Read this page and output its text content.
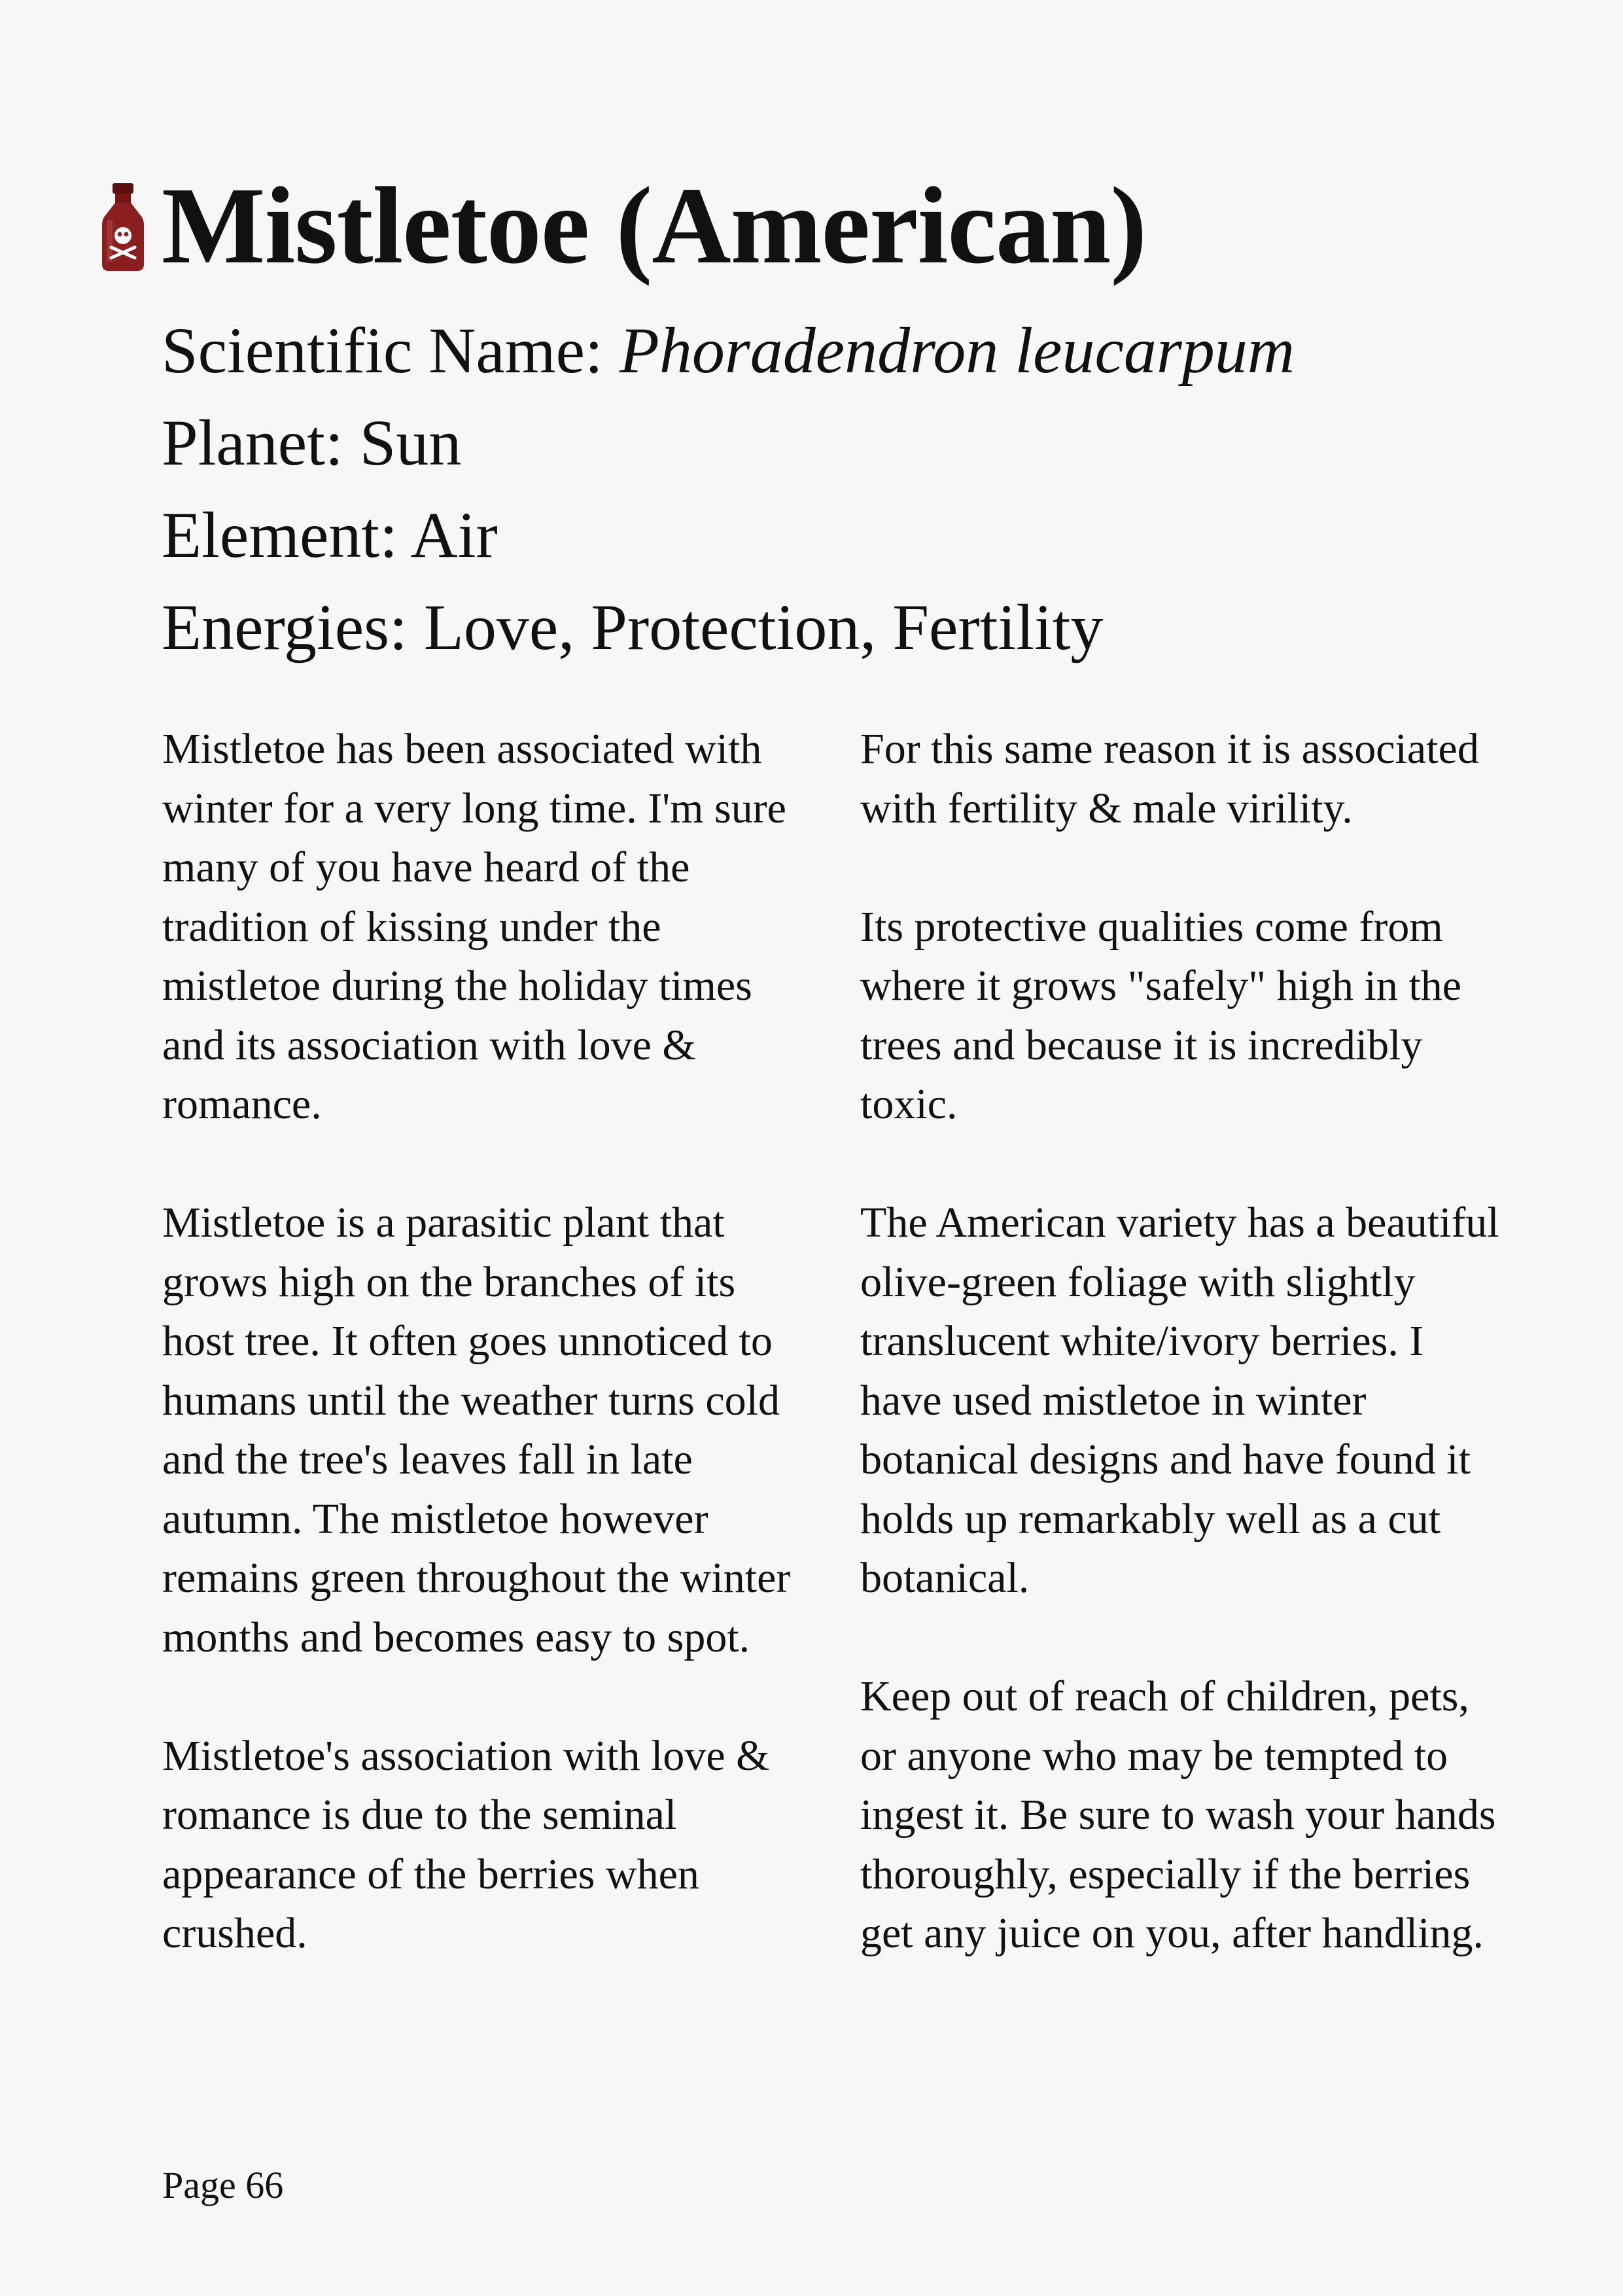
Mistletoe (American)
Scientific Name: Phoradendron leucarpum
Planet: Sun
Element: Air
Energies: Love, Protection, Fertility

Mistletoe has been associated with winter for a very long time. I'm sure many of you have heard of the tradition of kissing under the mistletoe during the holiday times and its association with love & romance.

Mistletoe is a parasitic plant that grows high on the branches of its host tree. It often goes unnoticed to humans until the weather turns cold and the tree's leaves fall in late autumn. The mistletoe however remains green throughout the winter months and becomes easy to spot.

Mistletoe's association with love & romance is due to the seminal appearance of the berries when crushed.

For this same reason it is associated with fertility & male virility.

Its protective qualities come from where it grows "safely" high in the trees and because it is incredibly toxic.

The American variety has a beautiful olive-green foliage with slightly translucent white/ivory berries. I have used mistletoe in winter botanical designs and have found it holds up remarkably well as a cut botanical.

Keep out of reach of children, pets, or anyone who may be tempted to ingest it. Be sure to wash your hands thoroughly, especially if the berries get any juice on you, after handling.

Page 66
